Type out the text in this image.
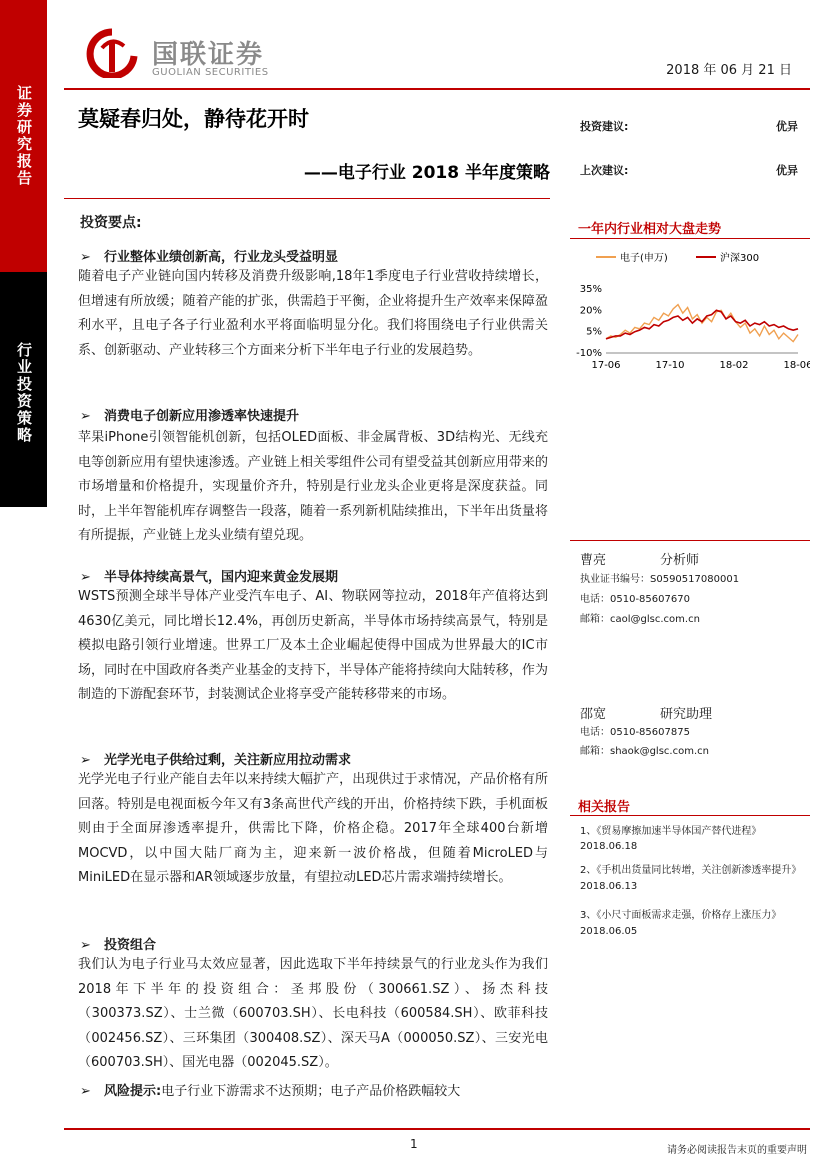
证券研究报告
行业投资策略
国联证券
GUOLIAN SECURITIES	2018 年 06 月 21 日
莫疑春归处，静待花开时
——电子行业 2018 半年度策略
投资建议:	优异
上次建议:	优异
投资要点:
➢ 行业整体业绩创新高，行业龙头受益明显
随着电子产业链向国内转移及消费升级影响,18年1季度电子行业营收持续增长，但增速有所放缓；随着产能的扩张，供需趋于平衡，企业将提升生产效率来保障盈利水平，且电子各子行业盈利水平将面临明显分化。我们将围绕电子行业供需关系、创新驱动、产业转移三个方面来分析下半年电子行业的发展趋势。
➢ 消费电子创新应用渗透率快速提升
苹果iPhone引领智能机创新，包括OLED面板、非金属背板、3D结构光、无线充电等创新应用有望快速渗透。产业链上相关零组件公司有望受益其创新应用带来的市场增量和价格提升，实现量价齐升，特别是行业龙头企业更将是深度获益。同时，上半年智能机库存调整告一段落，随着一系列新机陆续推出，下半年出货量将有所提振，产业链上龙头业绩有望兑现。
➢ 半导体持续高景气，国内迎来黄金发展期
WSTS预测全球半导体产业受汽车电子、AI、物联网等拉动，2018年产值将达到4630亿美元，同比增长12.4%，再创历史新高，半导体市场持续高景气，特别是模拟电路引领行业增速。世界工厂及本土企业崛起使得中国成为世界最大的IC市场，同时在中国政府各类产业基金的支持下，半导体产能将持续向大陆转移，作为制造的下游配套环节，封装测试企业将享受产能转移带来的市场。
➢ 光学光电子供给过剩，关注新应用拉动需求
光学光电子行业产能自去年以来持续大幅扩产，出现供过于求情况，产品价格有所回落。特别是电视面板今年又有3条高世代产线的开出，价格持续下跌，手机面板则由于全面屏渗透率提升，供需比下降，价格企稳。2017年全球400台新增MOCVD，以中国大陆厂商为主，迎来新一波价格战，但随着MicroLED与MiniLED在显示器和AR领域逐步放量，有望拉动LED芯片需求端持续增长。
➢ 投资组合
我们认为电子行业马太效应显著，因此选取下半年持续景气的行业龙头作为我们2018年下半年的投资组合：圣邦股份（300661.SZ）、扬杰科技（300373.SZ）、士兰微（600703.SH）、长电科技（600584.SH）、欧菲科技（002456.SZ）、三环集团（300408.SZ）、深天马A（000050.SZ）、三安光电（600703.SH）、国光电器（002045.SZ）。
➢ 风险提示:电子行业下游需求不达预期；电子产品价格跌幅较大
一年内行业相对大盘走势
电子(申万)	沪深300
35%
20%
5%
-10%
17-06	17-10	18-02	18-06
曹亮	分析师
执业证书编号：S0590517080001
电话：0510-85607670
邮箱：caol@glsc.com.cn
邵宽	研究助理
电话：0510-85607875
邮箱：shaok@glsc.com.cn
相关报告
1、《贸易摩擦加速半导体国产替代进程》
2018.06.18
2、《手机出货量同比转增，关注创新渗透率提升》
2018.06.13
3、《小尺寸面板需求走强，价格存上涨压力》
2018.06.05
1	请务必阅读报告末页的重要声明
